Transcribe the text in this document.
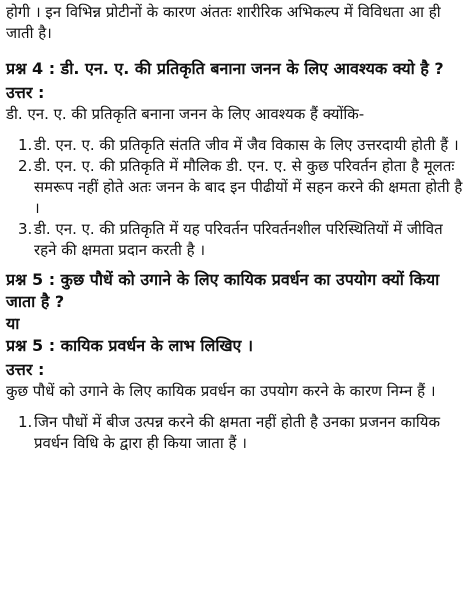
होगी । इन विभिन्न प्रोटीनों के कारण अंततः शारीरिक अभिकल्प में विविधता आ ही जाती है।

प्रश्न 4 : डी. एन. ए. की प्रतिकृति बनाना जनन के लिए आवश्यक क्यो है ?

उत्तर :

डी. एन. ए. की प्रतिकृति बनाना जनन के लिए आवश्यक हैं क्योंकि-

1. डी. एन. ए. की प्रतिकृति संतति जीव में जैव विकास के लिए उत्तरदायी होती हैं ।
2. डी. एन. ए. की प्रतिकृति में मौलिक डी. एन. ए. से कुछ परिवर्तन होता है मूलतः समरूप नहीं होते अतः जनन के बाद इन पीढीयों में सहन करने की क्षमता होती है ।
3. डी. एन. ए. की प्रतिकृति में यह परिवर्तन परिवर्तनशील परिस्थितियों में जीवित रहने की क्षमता प्रदान करती है ।

प्रश्न 5 : कुछ पौधें को उगाने के लिए कायिक प्रवर्धन का उपयोग क्यों किया जाता है ?

या

प्रश्न 5 : कायिक प्रवर्धन के लाभ लिखिए ।

उत्तर :

कुछ पौधें को उगाने के लिए कायिक प्रवर्धन का उपयोग करने के कारण निम्न हैं ।

1. जिन पौधों में बीज उत्पन्न करने की क्षमता नहीं होती है उनका प्रजनन कायिक प्रवर्धन विधि के द्वारा ही किया जाता हैं ।
